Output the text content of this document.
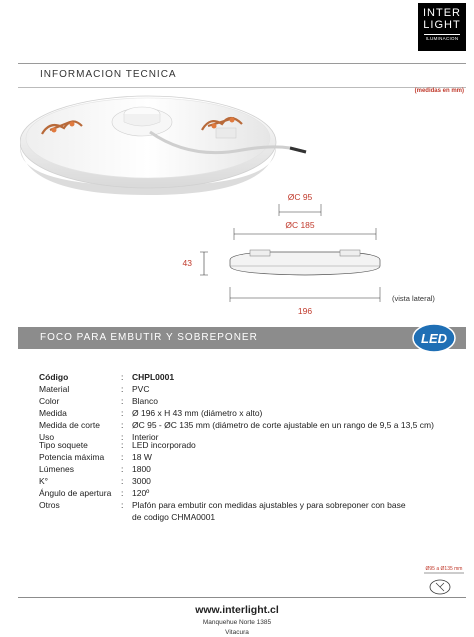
INTER
LIGHT
ILUMINACION
INFORMACION TECNICA
(medidas en mm)
ØC 95
ØC 185
43
196
(vista lateral)
FOCO PARA EMBUTIR Y SOBREPONER	LED
Código	: CHPL0001
Material	: PVC
Color	: Blanco
Medida	: Ø 196 x H 43 mm (diámetro x alto)
Medida de corte : ØC 95 - ØC 135 mm (diámetro de corte ajustable en un rango de 9,5 a 13,5 cm)
Uso	: Interior
Tipo soquete	: LED incorporado
Potencia máxima : 18 W
Lúmenes	: 1800
K°	: 3000
Ángulo de apertura : 120º
Otros	: Plafón para embutir con medidas ajustables y para sobreponer con base
de codigo CHMA0001
Ø95 a Ø135 mm
www.interlight.cl
Manquehue Norte 1385
Vitacura
